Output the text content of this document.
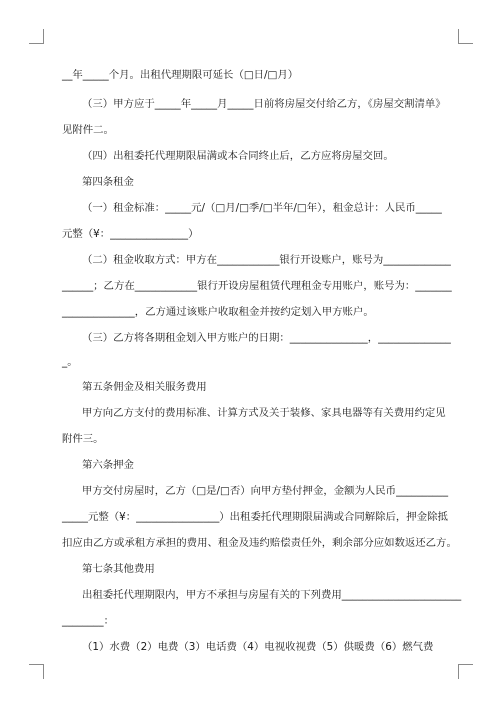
__年_____个月。出租代理期限可延长（□日/□月）
（三）甲方应于_____年_____月_____日前将房屋交付给乙方，《房屋交割清单》
见附件二。
（四）出租委托代理期限届满或本合同终止后，乙方应将房屋交回。
第四条租金
（一）租金标准：_____元/（□月/□季/□半年/□年），租金总计：人民币_____
元整（¥：_______________）
（二）租金收取方式：甲方在____________银行开设账户，账号为_____________
______；乙方在____________银行开设房屋租赁代理租金专用账户，账号为：_______
______________，乙方通过该账户收取租金并按约定划入甲方账户。
（三）乙方将各期租金划入甲方账户的日期：_______________，______________
_。
第五条佣金及相关服务费用
甲方向乙方支付的费用标准、计算方式及关于装修、家具电器等有关费用约定见
附件三。
第六条押金
甲方交付房屋时，乙方（□是/□否）向甲方垫付押金，金额为人民币__________
_____元整（¥：________________）出租委托代理期限届满或合同解除后，押金除抵
扣应由乙方或承租方承担的费用、租金及违约赔偿责任外，剩余部分应如数返还乙方。
第七条其他费用
出租委托代理期限内，甲方不承担与房屋有关的下列费用_______________________
________：
（1）水费（2）电费（3）电话费（4）电视收视费（5）供暖费（6）燃气费
